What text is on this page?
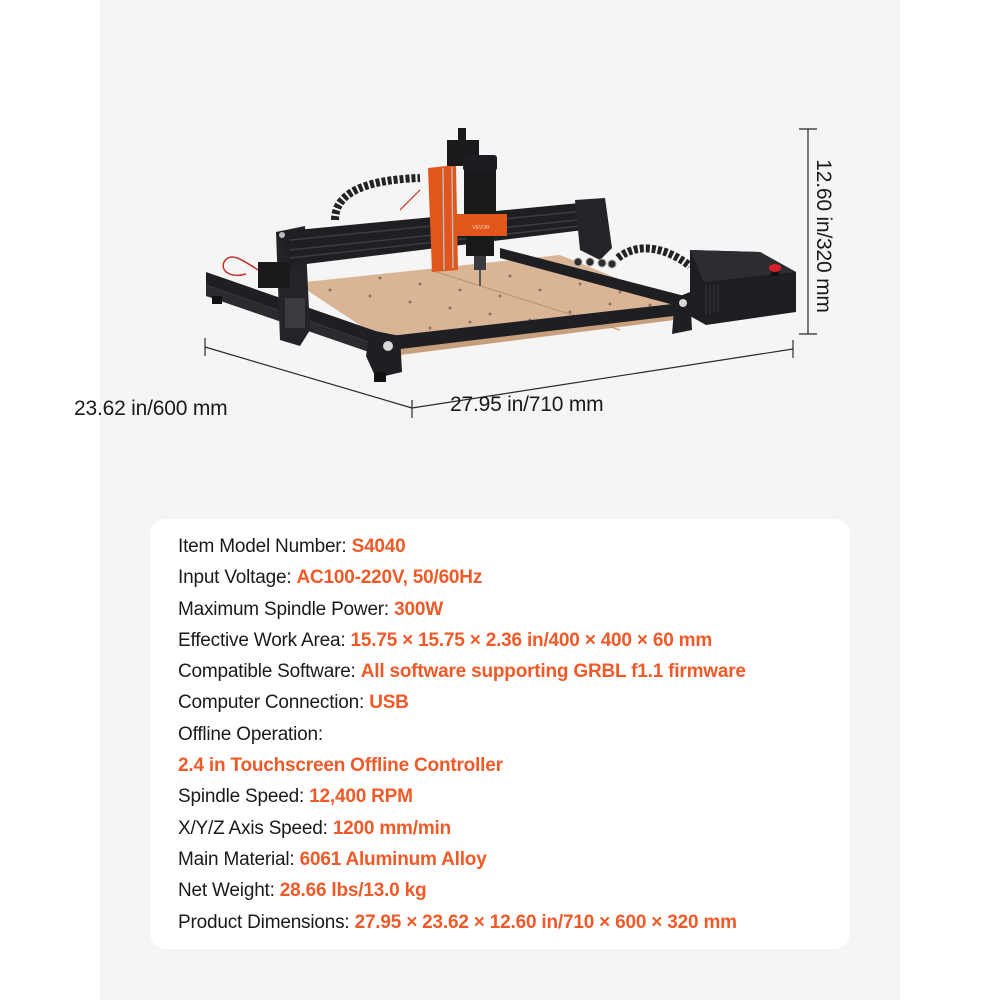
VEVOR
23.62 in/600 mm	27.95 in/710 mm
12.60 in/320 mm
Item Model Number: S4040
Input Voltage: AC100-220V, 50/60Hz
Maximum Spindle Power: 300W
Effective Work Area: 15.75 × 15.75 × 2.36 in/400 × 400 × 60 mm
Compatible Software: All software supporting GRBL f1.1 firmware
Computer Connection: USB
Offline Operation:
2.4 in Touchscreen Offline Controller
Spindle Speed: 12,400 RPM
X/Y/Z Axis Speed: 1200 mm/min
Main Material: 6061 Aluminum Alloy
Net Weight: 28.66 lbs/13.0 kg
Product Dimensions: 27.95 × 23.62 × 12.60 in/710 × 600 × 320 mm
